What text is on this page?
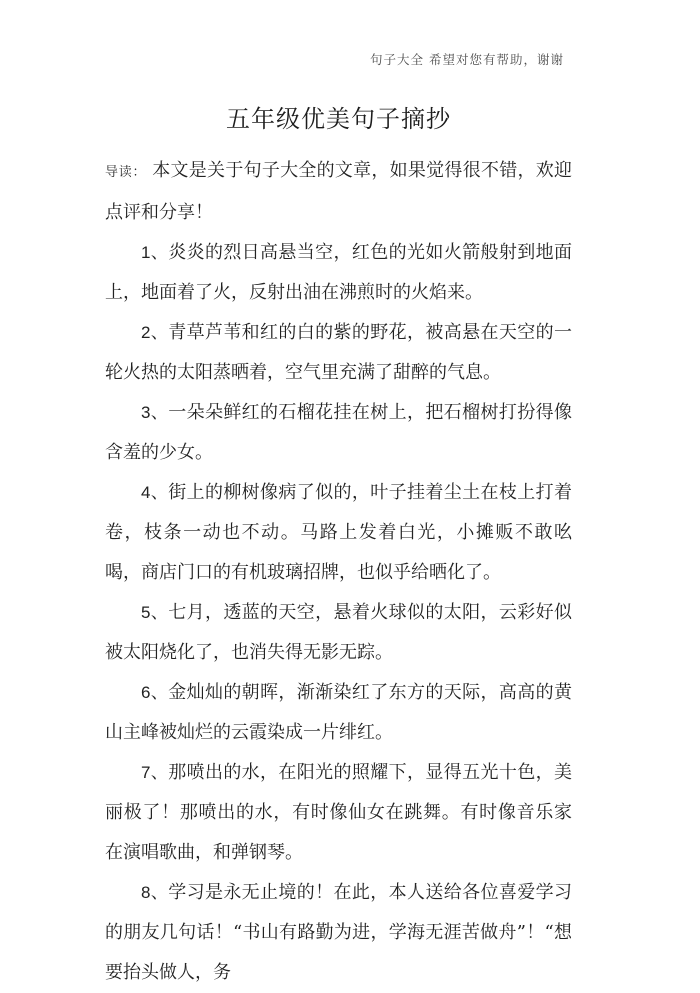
句子大全 希望对您有帮助，谢谢
五年级优美句子摘抄

导读： 本文是关于句子大全的文章，如果觉得很不错，欢迎点评和分享！

1、炎炎的烈日高悬当空，红色的光如火箭般射到地面上，地面着了火，反射出油在沸煎时的火焰来。

2、青草芦苇和红的白的紫的野花，被高悬在天空的一轮火热的太阳蒸晒着，空气里充满了甜醉的气息。

3、一朵朵鲜红的石榴花挂在树上，把石榴树打扮得像含羞的少女。

4、街上的柳树像病了似的，叶子挂着尘土在枝上打着卷，枝条一动也不动。马路上发着白光，小摊贩不敢吆喝，商店门口的有机玻璃招牌，也似乎给晒化了。

5、七月，透蓝的天空，悬着火球似的太阳，云彩好似被太阳烧化了，也消失得无影无踪。

6、金灿灿的朝晖，渐渐染红了东方的天际，高高的黄山主峰被灿烂的云霞染成一片绯红。

7、那喷出的水，在阳光的照耀下，显得五光十色，美丽极了！那喷出的水，有时像仙女在跳舞。有时像音乐家在演唱歌曲，和弹钢琴。

8、学习是永无止境的！在此，本人送给各位喜爱学习的朋友几句话！“书山有路勤为进，学海无涯苦做舟”！“想要抬头做人，务
